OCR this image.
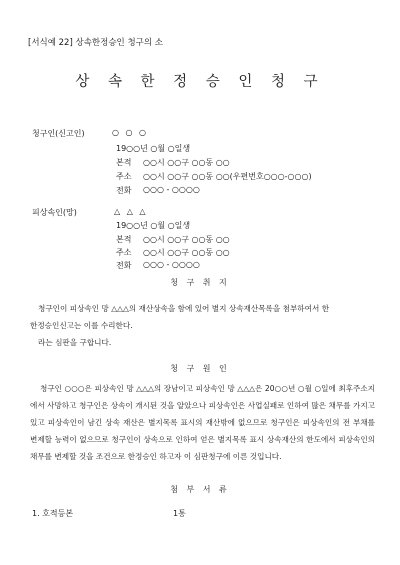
[서식예 22] 상속한정승인 청구의 소
상 속 한 정 승 인 청 구
청구인(신고인)	○ ○ ○
19○○년 ○월 ○일생
본적 ○○시 ○○구 ○○동 ○○
주소 ○○시 ○○구 ○○동 ○○(우편번호○○○-○○○)
전화 ○○○ - ○○○○
피상속인(망)	△ △ △
19○○년 ○월 ○일생
본적 ○○시 ○○구 ○○동 ○○
주소 ○○시 ○○구 ○○동 ○○
전화 ○○○ - ○○○○
청 구 취 지
청구인이 피상속인 망 △△△의 재산상속을 함에 있어 별지 상속재산목록을 첨부하여서 한
한정승인신고는 이를 수리한다.
라는 심판을 구합니다.
청 구 원 인
청구인 ○○○은 피상속인 망 △△△의 장남이고 피상속인 망 △△△은 20○○년 ○월 ○일에 최후주소지에서 사망하고 청구인은 상속이 개시된 것을 알았으나 피상속인은 사업실패로 인하여 많은 채무를 가지고 있고 피상속인이 남긴 상속 재산은 별지목록 표시의 재산밖에 없으므로 청구인은 피상속인의 전 부채를 변제할 능력이 없으므로 청구인이 상속으로 인하여 얻은 별지목록 표시 상속재산의 한도에서 피상속인의 채무를 변제할 것을 조건으로 한정승인 하고자 이 심판청구에 이른 것입니다.
첨 부 서 류
1. 호적등본	1통
